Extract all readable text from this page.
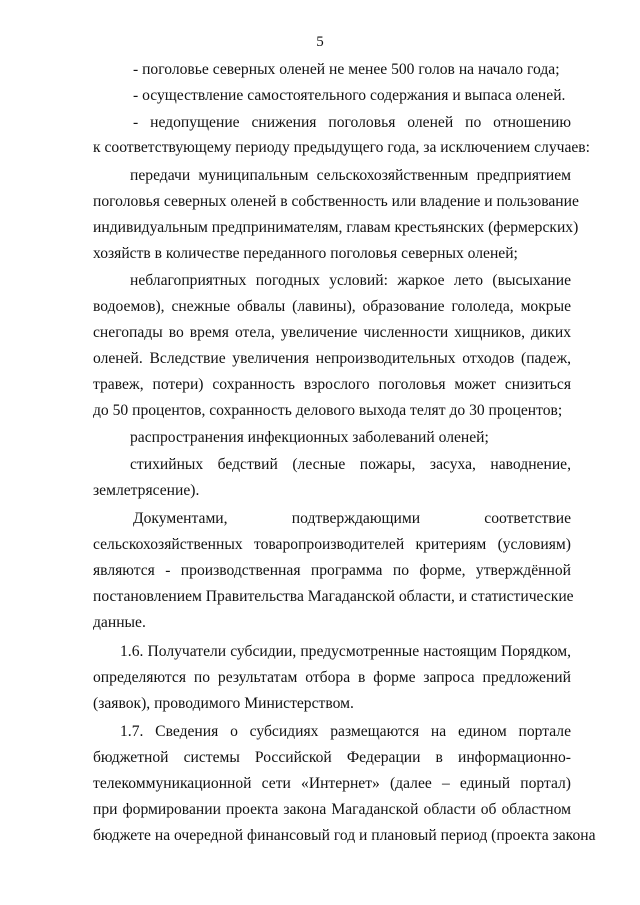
5
- поголовье северных оленей не менее 500 голов на начало года;
- осуществление самостоятельного содержания и выпаса оленей.
- недопущение снижения поголовья оленей по отношению
к соответствующему периоду предыдущего года, за исключением случаев:
передачи муниципальным сельскохозяйственным предприятием
поголовья северных оленей в собственность или владение и пользование
индивидуальным предпринимателям, главам крестьянских (фермерских)
хозяйств в количестве переданного поголовья северных оленей;
неблагоприятных погодных условий: жаркое лето (высыхание
водоемов), снежные обвалы (лавины), образование гололеда, мокрые
снегопады во время отела, увеличение численности хищников, диких
оленей. Вследствие увеличения непроизводительных отходов (падеж,
травеж, потери) сохранность взрослого поголовья может снизиться
до 50 процентов, сохранность делового выхода телят до 30 процентов;
распространения инфекционных заболеваний оленей;
стихийных бедствий (лесные пожары, засуха, наводнение,
землетрясение).
Документами, подтверждающими соответствие
сельскохозяйственных товаропроизводителей критериям (условиям)
являются - производственная программа по форме, утверждённой
постановлением Правительства Магаданской области, и статистические
данные.
1.6. Получатели субсидии, предусмотренные настоящим Порядком,
определяются по результатам отбора в форме запроса предложений
(заявок), проводимого Министерством.
1.7. Сведения о субсидиях размещаются на едином портале
бюджетной системы Российской Федерации в информационно-
телекоммуникационной сети «Интернет» (далее – единый портал)
при формировании проекта закона Магаданской области об областном
бюджете на очередной финансовый год и плановый период (проекта закона
